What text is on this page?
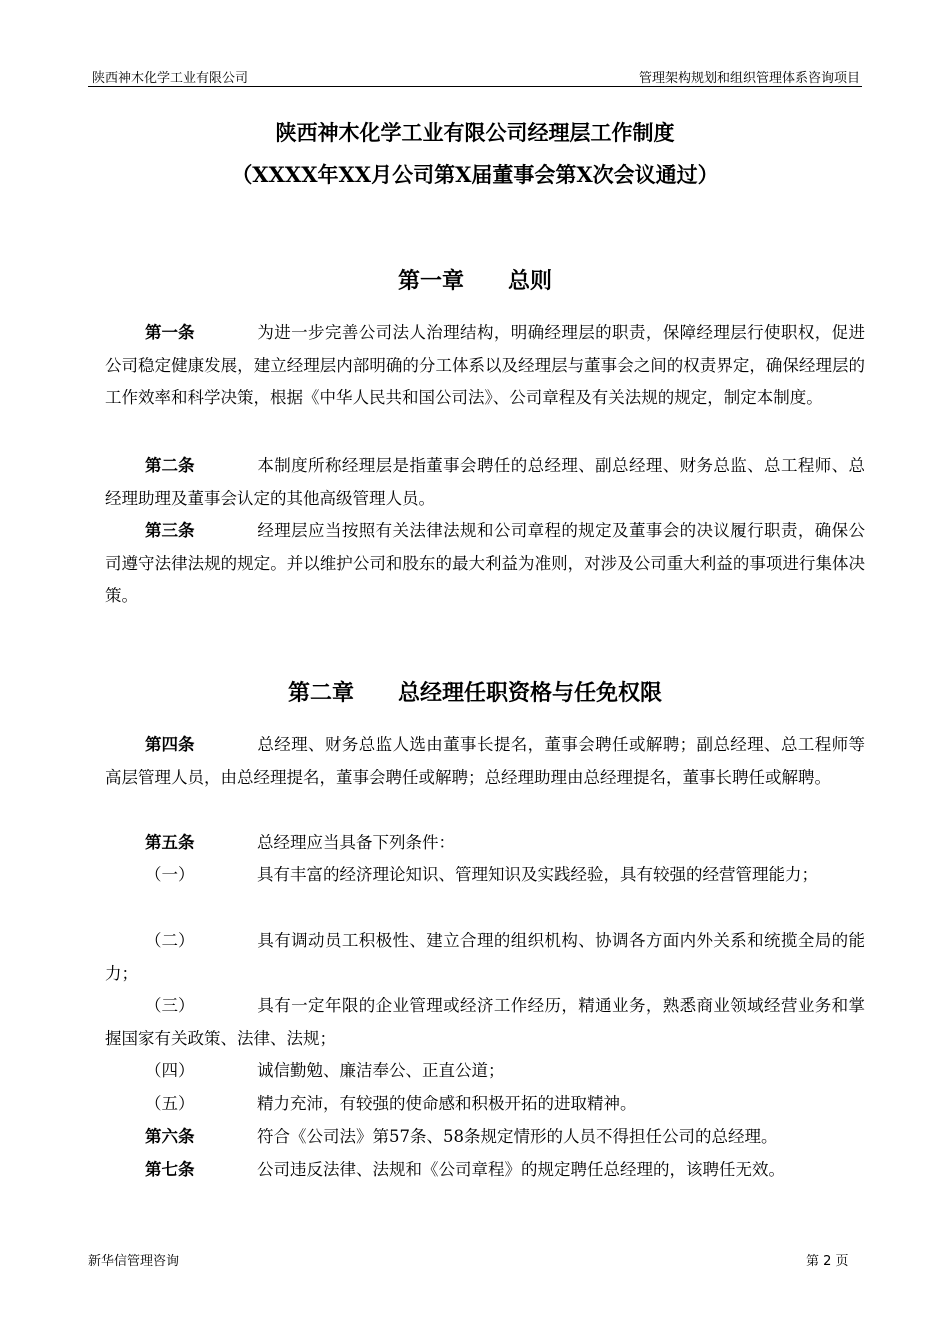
陕西神木化学工业有限公司	管理架构规划和组织管理体系咨询项目
陕西神木化学工业有限公司经理层工作制度
（XXXX年XX月公司第X届董事会第X次会议通过）
第一章　　总则
第一条	为进一步完善公司法人治理结构，明确经理层的职责，保障经理层行使职权，促进公司稳定健康发展，建立经理层内部明确的分工体系以及经理层与董事会之间的权责界定，确保经理层的工作效率和科学决策，根据《中华人民共和国公司法》、公司章程及有关法规的规定，制定本制度。
第二条	本制度所称经理层是指董事会聘任的总经理、副总经理、财务总监、总工程师、总经理助理及董事会认定的其他高级管理人员。
第三条	经理层应当按照有关法律法规和公司章程的规定及董事会的决议履行职责，确保公司遵守法律法规的规定。并以维护公司和股东的最大利益为准则，对涉及公司重大利益的事项进行集体决策。
第二章　　总经理任职资格与任免权限
第四条	总经理、财务总监人选由董事长提名，董事会聘任或解聘；副总经理、总工程师等高层管理人员，由总经理提名，董事会聘任或解聘；总经理助理由总经理提名，董事长聘任或解聘。
第五条	总经理应当具备下列条件：
（一）	具有丰富的经济理论知识、管理知识及实践经验，具有较强的经营管理能力；
（二）	具有调动员工积极性、建立合理的组织机构、协调各方面内外关系和统揽全局的能力；
（三）	具有一定年限的企业管理或经济工作经历，精通业务，熟悉商业领域经营业务和掌握国家有关政策、法律、法规；
（四）	诚信勤勉、廉洁奉公、正直公道；
（五）	精力充沛，有较强的使命感和积极开拓的进取精神。
第六条	符合《公司法》第57条、58条规定情形的人员不得担任公司的总经理。
第七条	公司违反法律、法规和《公司章程》的规定聘任总经理的，该聘任无效。
新华信管理咨询	第 2 页
